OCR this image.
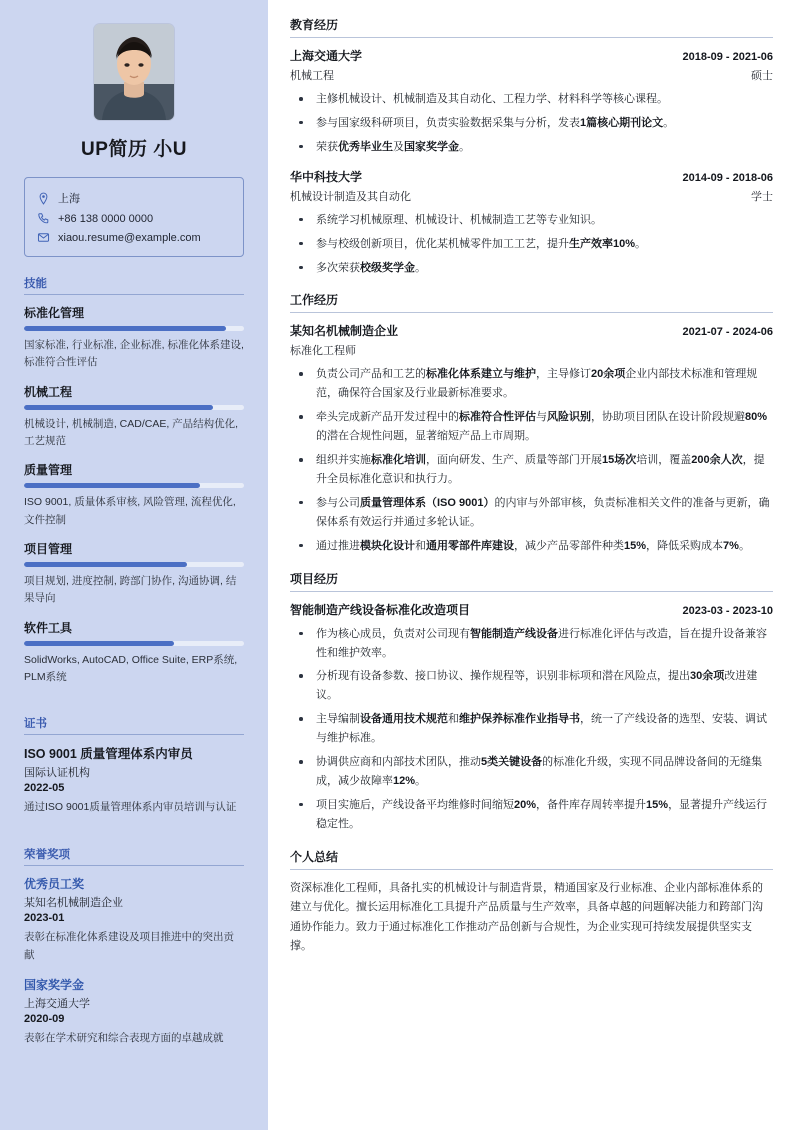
UP简历 小U
上海
+86 138 0000 0000
xiaou.resume@example.com
技能
标准化管理
国家标准, 行业标准, 企业标准, 标准化体系建设, 标准符合性评估
机械工程
机械设计, 机械制造, CAD/CAE, 产品结构优化, 工艺规范
质量管理
ISO 9001, 质量体系审核, 风险管理, 流程优化, 文件控制
项目管理
项目规划, 进度控制, 跨部门协作, 沟通协调, 结果导向
软件工具
SolidWorks, AutoCAD, Office Suite, ERP系统, PLM系统
证书
ISO 9001 质量管理体系内审员
国际认证机构
2022-05
通过ISO 9001质量管理体系内审员培训与认证
荣誉奖项
优秀员工奖
某知名机械制造企业
2023-01
表彰在标准化体系建设及项目推进中的突出贡献
国家奖学金
上海交通大学
2020-09
表彰在学术研究和综合表现方面的卓越成就
教育经历
上海交通大学	2018-09 - 2021-06
机械工程	硕士
主修机械设计、机械制造及其自动化、工程力学、材料科学等核心课程。
参与国家级科研项目，负责实验数据采集与分析，发表1篇核心期刊论文。
荣获优秀毕业生及国家奖学金。
华中科技大学	2014-09 - 2018-06
机械设计制造及其自动化	学士
系统学习机械原理、机械设计、机械制造工艺等专业知识。
参与校级创新项目，优化某机械零件加工工艺，提升生产效率10%。
多次荣获校级奖学金。
工作经历
某知名机械制造企业	2021-07 - 2024-06
标准化工程师
负责公司产品和工艺的标准化体系建立与维护，主导修订20余项企业内部技术标准和管理规范，确保符合国家及行业最新标准要求。
牵头完成新产品开发过程中的标准符合性评估与风险识别，协助项目团队在设计阶段规避80%的潜在合规性问题，显著缩短产品上市周期。
组织并实施标准化培训，面向研发、生产、质量等部门开展15场次培训，覆盖200余人次，提升全员标准化意识和执行力。
参与公司质量管理体系（ISO 9001）的内审与外部审核，负责标准相关文件的准备与更新，确保体系有效运行并通过多轮认证。
通过推进模块化设计和通用零部件库建设，减少产品零部件种类15%，降低采购成本7%。
项目经历
智能制造产线设备标准化改造项目	2023-03 - 2023-10
作为核心成员，负责对公司现有智能制造产线设备进行标准化评估与改造，旨在提升设备兼容性和维护效率。
分析现有设备参数、接口协议、操作规程等，识别非标项和潜在风险点，提出30余项改进建议。
主导编制设备通用技术规范和维护保养标准作业指导书，统一了产线设备的选型、安装、调试与维护标准。
协调供应商和内部技术团队，推动5类关键设备的标准化升级，实现不同品牌设备间的无缝集成，减少故障率12%。
项目实施后，产线设备平均维修时间缩短20%，备件库存周转率提升15%，显著提升产线运行稳定性。
个人总结
资深标准化工程师，具备扎实的机械设计与制造背景，精通国家及行业标准、企业内部标准体系的建立与优化。擅长运用标准化工具提升产品质量与生产效率，具备卓越的问题解决能力和跨部门沟通协作能力。致力于通过标准化工作推动产品创新与合规性，为企业实现可持续发展提供坚实支撑。
